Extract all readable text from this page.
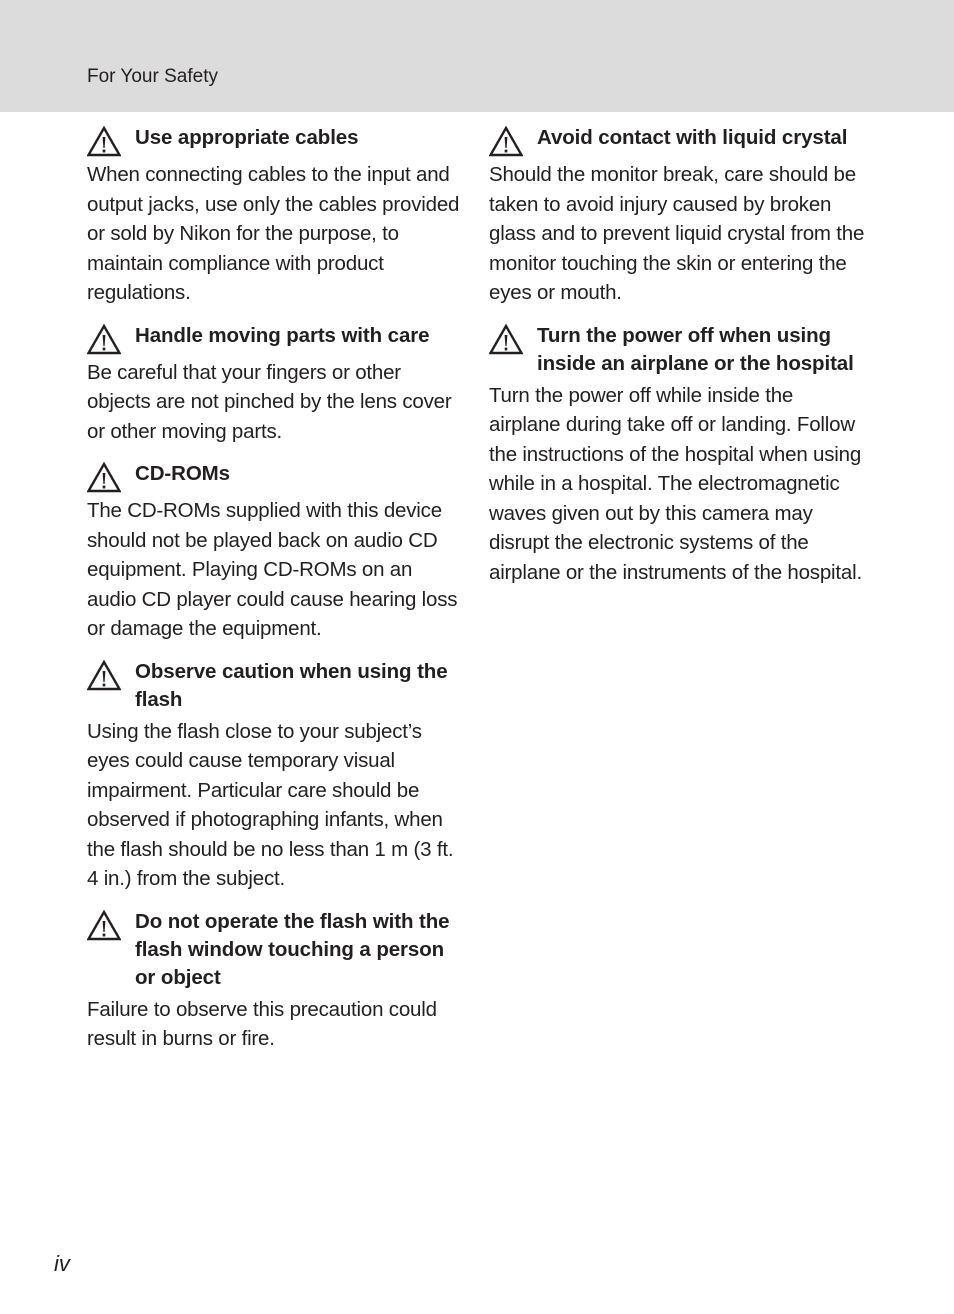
For Your Safety
Use appropriate cables
When connecting cables to the input and output jacks, use only the cables provided or sold by Nikon for the purpose, to maintain compliance with product regulations.
Handle moving parts with care
Be careful that your fingers or other objects are not pinched by the lens cover or other moving parts.
CD-ROMs
The CD-ROMs supplied with this device should not be played back on audio CD equipment. Playing CD-ROMs on an audio CD player could cause hearing loss or damage the equipment.
Observe caution when using the flash
Using the flash close to your subject’s eyes could cause temporary visual impairment. Particular care should be observed if photographing infants, when the flash should be no less than 1 m (3 ft. 4 in.) from the subject.
Do not operate the flash with the flash window touching a person or object
Failure to observe this precaution could result in burns or fire.
Avoid contact with liquid crystal
Should the monitor break, care should be taken to avoid injury caused by broken glass and to prevent liquid crystal from the monitor touching the skin or entering the eyes or mouth.
Turn the power off when using inside an airplane or the hospital
Turn the power off while inside the airplane during take off or landing. Follow the instructions of the hospital when using while in a hospital. The electromagnetic waves given out by this camera may disrupt the electronic systems of the airplane or the instruments of the hospital.
iv
